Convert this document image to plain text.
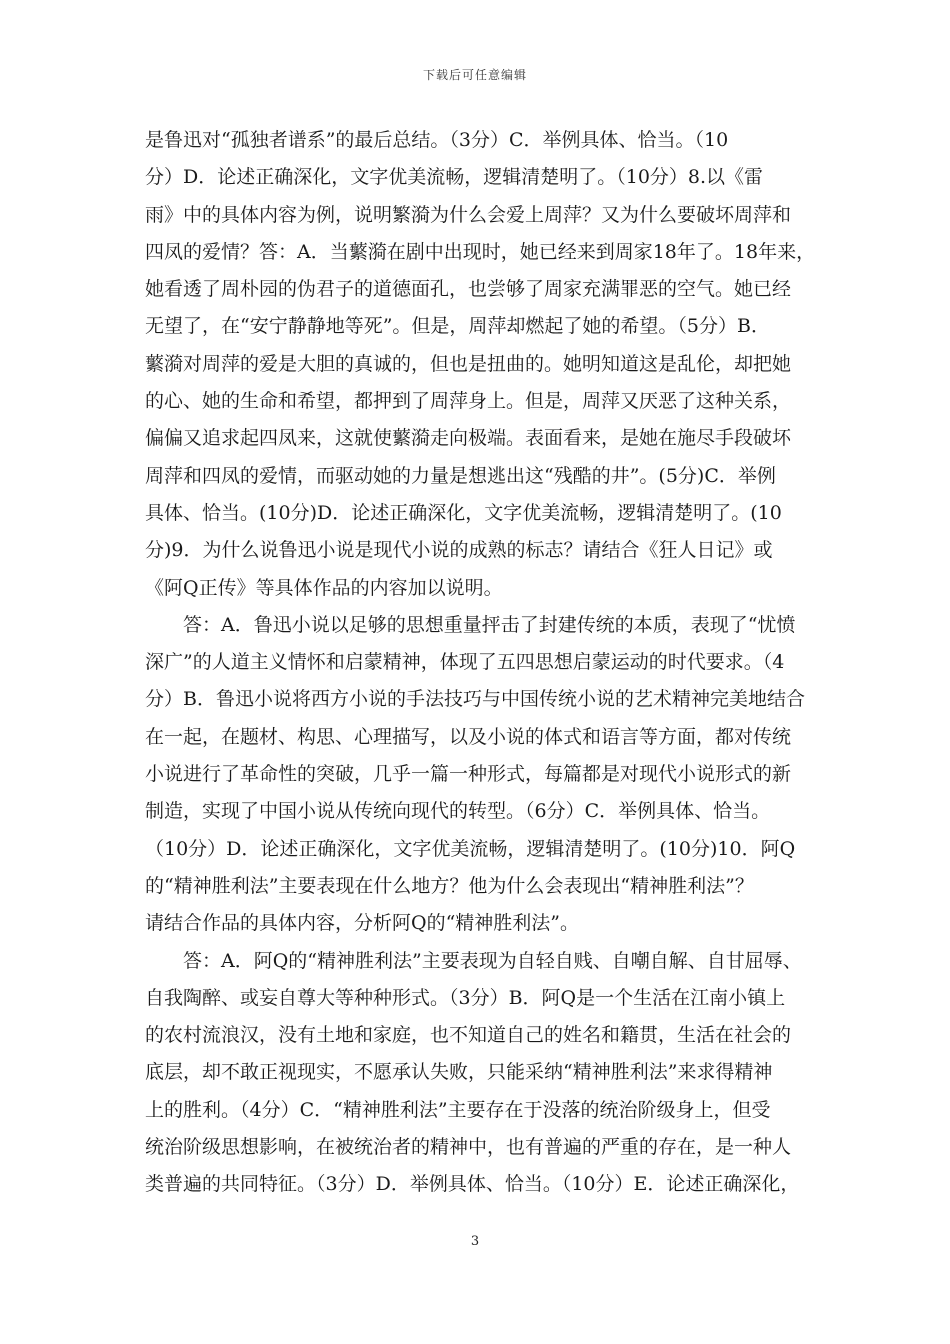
下载后可任意编辑
是鲁迅对“孤独者谱系”的最后总结。（3分）C．举例具体、恰当。（10
分）D．论述正确深化，文字优美流畅，逻辑清楚明了。（10分）8.以《雷
雨》中的具体内容为例，说明繁漪为什么会爱上周萍？又为什么要破坏周萍和
四凤的爱情？答：A．当蘩漪在剧中出现时，她已经来到周家18年了。18年来，
她看透了周朴园的伪君子的道德面孔，也尝够了周家充满罪恶的空气。她已经
无望了，在“安宁静静地等死”。但是，周萍却燃起了她的希望。（5分）B．
蘩漪对周萍的爱是大胆的真诚的，但也是扭曲的。她明知道这是乱伦，却把她
的心、她的生命和希望，都押到了周萍身上。但是，周萍又厌恶了这种关系，
偏偏又追求起四凤来，这就使蘩漪走向极端。表面看来，是她在施尽手段破坏
周萍和四凤的爱情，而驱动她的力量是想逃出这“残酷的井”。(5分)C．举例
具体、恰当。(10分)D．论述正确深化，文字优美流畅，逻辑清楚明了。(10
分)9．为什么说鲁迅小说是现代小说的成熟的标志？请结合《狂人日记》或
《阿Q正传》等具体作品的内容加以说明。
答：A．鲁迅小说以足够的思想重量抨击了封建传统的本质，表现了“忧愤
深广”的人道主义情怀和启蒙精神，体现了五四思想启蒙运动的时代要求。（4
分）B．鲁迅小说将西方小说的手法技巧与中国传统小说的艺术精神完美地结合
在一起，在题材、构思、心理描写，以及小说的体式和语言等方面，都对传统
小说进行了革命性的突破，几乎一篇一种形式，每篇都是对现代小说形式的新
制造，实现了中国小说从传统向现代的转型。（6分）C．举例具体、恰当。
（10分）D．论述正确深化，文字优美流畅，逻辑清楚明了。(10分)10．阿Q
的“精神胜利法”主要表现在什么地方？他为什么会表现出“精神胜利法”？
请结合作品的具体内容，分析阿Q的“精神胜利法”。
答：A．阿Q的“精神胜利法”主要表现为自轻自贱、自嘲自解、自甘屈辱、
自我陶醉、或妄自尊大等种种形式。（3分）B．阿Q是一个生活在江南小镇上
的农村流浪汉，没有土地和家庭，也不知道自己的姓名和籍贯，生活在社会的
底层，却不敢正视现实，不愿承认失败，只能采纳“精神胜利法”来求得精神
上的胜利。（4分）C．“精神胜利法”主要存在于没落的统治阶级身上，但受
统治阶级思想影响，在被统治者的精神中，也有普遍的严重的存在，是一种人
类普遍的共同特征。（3分）D．举例具体、恰当。（10分）E．论述正确深化，
3
